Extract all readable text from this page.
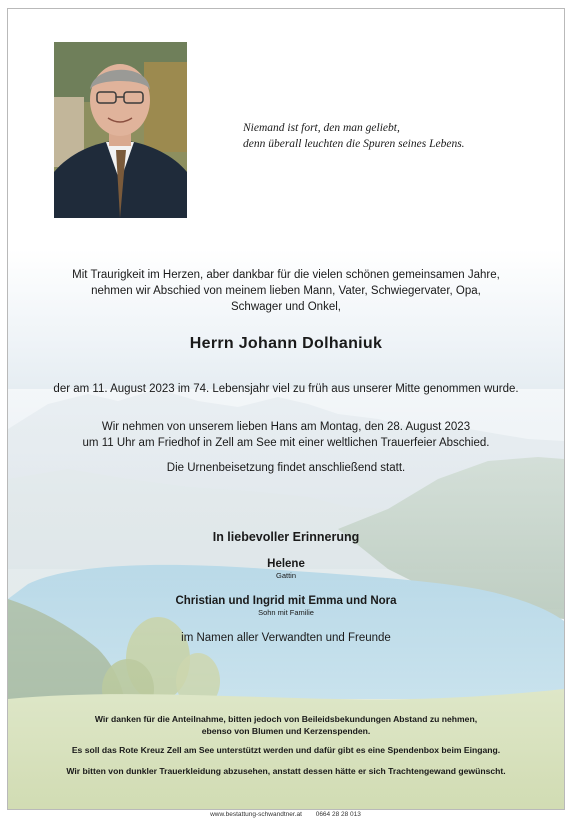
Niemand ist fort, den man geliebt,
denn überall leuchten die Spuren seines Lebens.
Mit Traurigkeit im Herzen, aber dankbar für die vielen schönen gemeinsamen Jahre,
nehmen wir Abschied von meinem lieben Mann, Vater, Schwiegervater, Opa,
Schwager und Onkel,
Herrn Johann Dolhaniuk
der am 11. August 2023 im 74. Lebensjahr viel zu früh aus unserer Mitte genommen wurde.
Wir nehmen von unserem lieben Hans am Montag, den 28. August 2023
um 11 Uhr am Friedhof in Zell am See mit einer weltlichen Trauerfeier Abschied.
Die Urnenbeisetzung findet anschließend statt.
In liebevoller Erinnerung
Helene
Gattin
Christian und Ingrid mit Emma und Nora
Sohn mit Familie
im Namen aller Verwandten und Freunde
Wir danken für die Anteilnahme, bitten jedoch von Beileidsbekundungen Abstand zu nehmen,
ebenso von Blumen und Kerzenspenden.
Es soll das Rote Kreuz Zell am See unterstützt werden und dafür gibt es eine Spendenbox beim Eingang.
Wir bitten von dunkler Trauerkleidung abzusehen, anstatt dessen hätte er sich Trachtengewand gewünscht.
www.bestattung-schwandtner.at 0664 28 28 013
